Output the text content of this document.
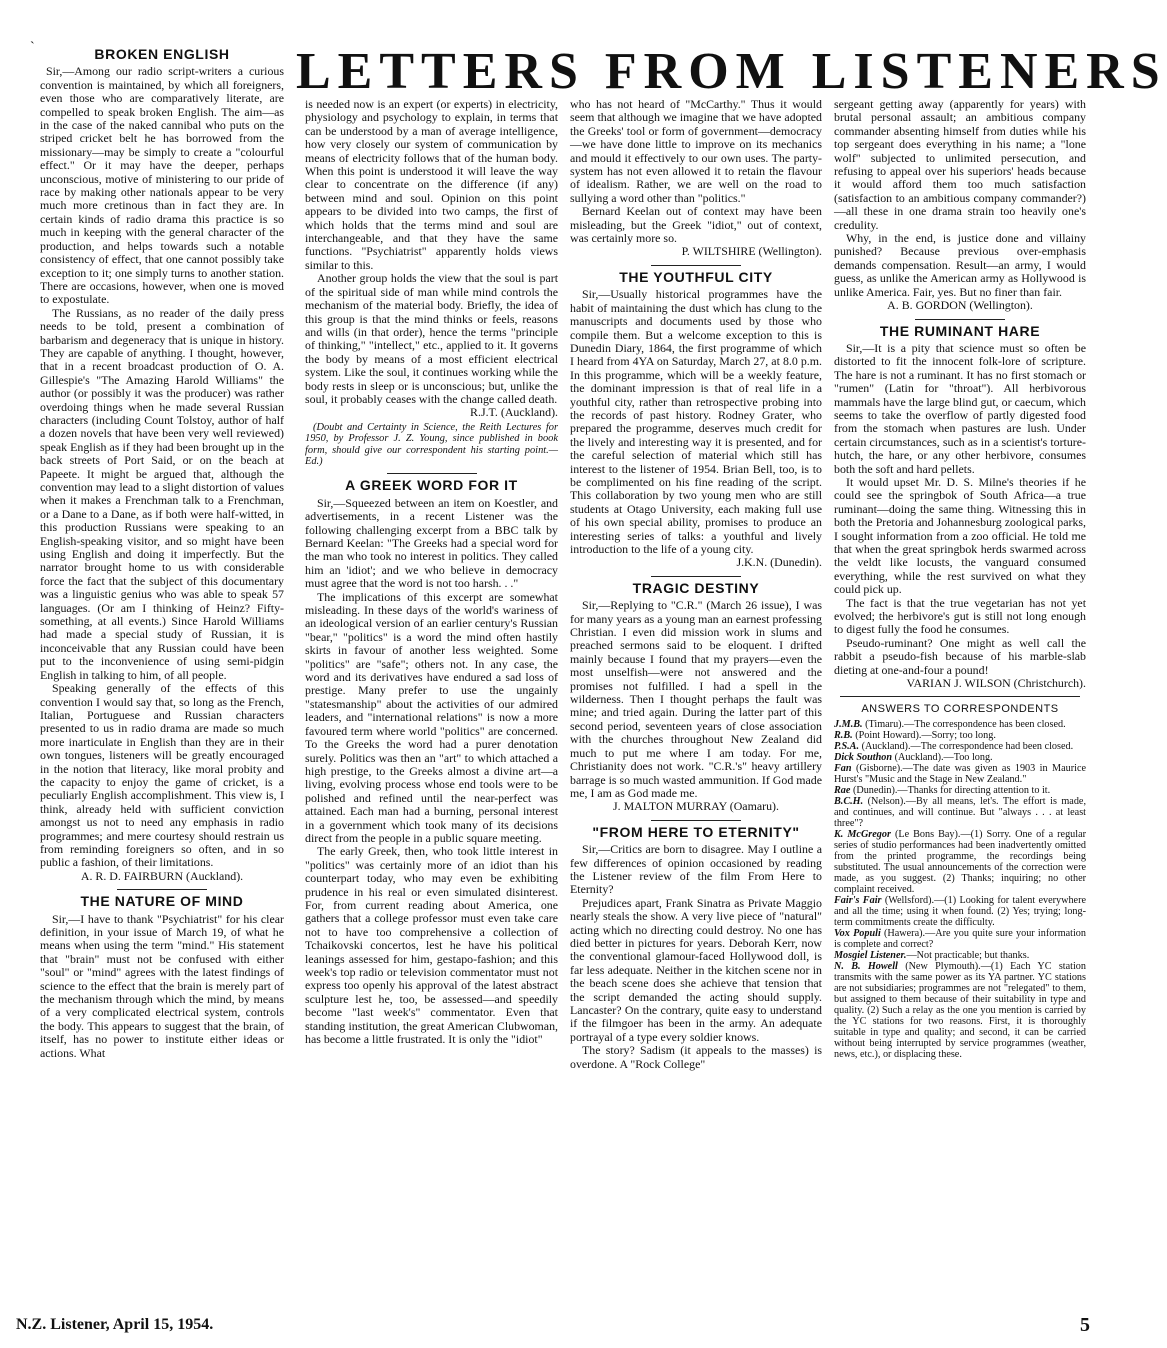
`	BROKEN ENGLISH

Sir,—Among our radio script-writers a curious convention is maintained, by which all foreigners, even those who are comparatively literate, are compelled to speak broken English. The aim—as in the case of the naked cannibal who puts on the striped cricket belt he has borrowed from the missionary—may be simply to create a "colourful effect." Or it may have the deeper, perhaps unconscious, motive of ministering to our pride of race by making other nationals appear to be very much more cretinous than in fact they are. In certain kinds of radio drama this practice is so much in keeping with the general character of the production, and helps towards such a notable consistency of effect, that one cannot possibly take exception to it; one simply turns to another station. There are occasions, however, when one is moved to expostulate.

The Russians, as no reader of the daily press needs to be told, present a combination of barbarism and degeneracy that is unique in history. They are capable of anything. I thought, however, that in a recent broadcast production of O. A. Gillespie's "The Amazing Harold Williams" the author (or possibly it was the producer) was rather overdoing things when he made several Russian characters (including Count Tolstoy, author of half a dozen novels that have been very well reviewed) speak English as if they had been brought up in the back streets of Port Said, or on the beach at Papeete. It might be argued that, although the convention may lead to a slight distortion of values when it makes a Frenchman talk to a Frenchman, or a Dane to a Dane, as if both were half-witted, in this production Russians were speaking to an English-speaking visitor, and so might have been using English and doing it imperfectly. But the narrator brought home to us with considerable force the fact that the subject of this documentary was a linguistic genius who was able to speak 57 languages. (Or am I thinking of Heinz? Fifty-something, at all events.) Since Harold Williams had made a special study of Russian, it is inconceivable that any Russian could have been put to the inconvenience of using semi-pidgin English in talking to him, of all people.

Speaking generally of the effects of this convention I would say that, so long as the French, Italian, Portuguese and Russian characters presented to us in radio drama are made so much more inarticulate in English than they are in their own tongues, listeners will be greatly encouraged in the notion that literacy, like moral probity and the capacity to enjoy the game of cricket, is a peculiarly English accomplishment. This view is, I think, already held with sufficient conviction amongst us not to need any emphasis in radio programmes; and mere courtesy should restrain us from reminding foreigners so often, and in so public a fashion, of their limitations.

A. R. D. FAIRBURN (Auckland).

THE NATURE OF MIND

Sir,—I have to thank "Psychiatrist" for his clear definition, in your issue of March 19, of what he means when using the term "mind." His statement that "brain" must not be confused with either "soul" or "mind" agrees with the latest findings of science to the effect that the brain is merely part of the mechanism through which the mind, by means of a very complicated electrical system, controls the body. This appears to suggest that the brain, of itself, has no power to institute either ideas or actions. What

LETTERS FROM LISTENERS

is needed now is an expert (or experts) in electricity, physiology and psychology to explain, in terms that can be understood by a man of average intelligence, how very closely our system of communication by means of electricity follows that of the human body. When this point is understood it will leave the way clear to concentrate on the difference (if any) between mind and soul. Opinion on this point appears to be divided into two camps, the first of which holds that the terms mind and soul are interchangeable, and that they have the same functions. "Psychiatrist" apparently holds views similar to this.

Another group holds the view that the soul is part of the spiritual side of man while mind controls the mechanism of the material body. Briefly, the idea of this group is that the mind thinks or feels, reasons and wills (in that order), hence the terms "principle of thinking," "intellect," etc., applied to it. It governs the body by means of a most efficient electrical system. Like the soul, it continues working while the body rests in sleep or is unconscious; but, unlike the soul, it probably ceases with the change called death.

R.J.T. (Auckland).

(Doubt and Certainty in Science, the Reith Lectures for 1950, by Professor J. Z. Young, since published in book form, should give our correspondent his starting point.—Ed.)

A GREEK WORD FOR IT

Sir,—Squeezed between an item on Koestler, and advertisements, in a recent Listener was the following challenging excerpt from a BBC talk by Bernard Keelan: "The Greeks had a special word for the man who took no interest in politics. They called him an 'idiot'; and we who believe in democracy must agree that the word is not too harsh. . ."

The implications of this excerpt are somewhat misleading. In these days of the world's wariness of an ideological version of an earlier century's Russian "bear," "politics" is a word the mind often hastily skirts in favour of another less weighted. Some "politics" are "safe"; others not. In any case, the word and its derivatives have endured a sad loss of prestige. Many prefer to use the ungainly "statesmanship" about the activities of our admired leaders, and "international relations" is now a more favoured term where world "politics" are concerned. To the Greeks the word had a purer denotation surely. Politics was then an "art" to which attached a high prestige, to the Greeks almost a divine art—a living, evolving process whose end tools were to be polished and refined until the near-perfect was attained. Each man had a burning, personal interest in a government which took many of its decisions direct from the people in a public square meeting.

The early Greek, then, who took little interest in "politics" was certainly more of an idiot than his counterpart today, who may even be exhibiting prudence in his real or even simulated disinterest. For, from current reading about America, one gathers that a college professor must even take care not to have too comprehensive a collection of Tchaikovski concertos, lest he have his political leanings assessed for him, gestapo-fashion; and this week's top radio or television commentator must not express too openly his approval of the latest abstract sculpture lest he, too, be assessed—and speedily become "last week's" commentator. Even that standing institution, the great American Clubwoman, has become a little frustrated. It is only the "idiot"

who has not heard of "McCarthy." Thus it would seem that although we imagine that we have adopted the Greeks' tool or form of government—democracy—we have done little to improve on its mechanics and mould it effectively to our own uses. The party-system has not even allowed it to retain the flavour of idealism. Rather, we are well on the road to sullying a word other than "politics."

Bernard Keelan out of context may have been misleading, but the Greek "idiot," out of context, was certainly more so.

P. WILTSHIRE (Wellington).

THE YOUTHFUL CITY

Sir,—Usually historical programmes have the habit of maintaining the dust which has clung to the manuscripts and documents used by those who compile them. But a welcome exception to this is Dunedin Diary, 1864, the first programme of which I heard from 4YA on Saturday, March 27, at 8.0 p.m. In this programme, which will be a weekly feature, the dominant impression is that of real life in a youthful city, rather than retrospective probing into the records of past history. Rodney Grater, who prepared the programme, deserves much credit for the lively and interesting way it is presented, and for the careful selection of material which still has interest to the listener of 1954. Brian Bell, too, is to be complimented on his fine reading of the script. This collaboration by two young men who are still students at Otago University, each making full use of his own special ability, promises to produce an interesting series of talks: a youthful and lively introduction to the life of a young city.

J.K.N. (Dunedin).

TRAGIC DESTINY

Sir,—Replying to "C.R." (March 26 issue), I was for many years as a young man an earnest professing Christian. I even did mission work in slums and preached sermons said to be eloquent. I drifted mainly because I found that my prayers—even the most unselfish—were not answered and the promises not fulfilled. I had a spell in the wilderness. Then I thought perhaps the fault was mine; and tried again. During the latter part of this second period, seventeen years of close association with the churches throughout New Zealand did much to put me where I am today. For me, Christianity does not work. "C.R.'s" heavy artillery barrage is so much wasted ammunition. If God made me, I am as God made me.

J. MALTON MURRAY (Oamaru).

"FROM HERE TO ETERNITY"

Sir,—Critics are born to disagree. May I outline a few differences of opinion occasioned by reading the Listener review of the film From Here to Eternity?

Prejudices apart, Frank Sinatra as Private Maggio nearly steals the show. A very live piece of "natural" acting which no directing could destroy. No one has died better in pictures for years. Deborah Kerr, now the conventional glamour-faced Hollywood doll, is far less adequate. Neither in the kitchen scene nor in the beach scene does she achieve that tension that the script demanded the acting should supply. Lancaster? On the contrary, quite easy to understand if the filmgoer has been in the army. An adequate portrayal of a type every soldier knows.

The story? Sadism (it appeals to the masses) is overdone. A "Rock College"

sergeant getting away (apparently for years) with brutal personal assault; an ambitious company commander absenting himself from duties while his top sergeant does everything in his name; a "lone wolf" subjected to unlimited persecution, and refusing to appeal over his superiors' heads because it would afford them too much satisfaction (satisfaction to an ambitious company commander?) —all these in one drama strain too heavily one's credulity.

Why, in the end, is justice done and villainy punished? Because previous over-emphasis demands compensation. Result—an army, I would guess, as unlike the American army as Hollywood is unlike America. Fair, yes. But no finer than fair.

A. B. GORDON (Wellington).

THE RUMINANT HARE

Sir,—It is a pity that science must so often be distorted to fit the innocent folk-lore of scripture. The hare is not a ruminant. It has no first stomach or "rumen" (Latin for "throat"). All herbivorous mammals have the large blind gut, or caecum, which seems to take the overflow of partly digested food from the stomach when pastures are lush. Under certain circumstances, such as in a scientist's torture-hutch, the hare, or any other herbivore, consumes both the soft and hard pellets.

It would upset Mr. D. S. Milne's theories if he could see the springbok of South Africa—a true ruminant—doing the same thing. Witnessing this in both the Pretoria and Johannesburg zoological parks, I sought information from a zoo official. He told me that when the great springbok herds swarmed across the veldt like locusts, the vanguard consumed everything, while the rest survived on what they could pick up.

The fact is that the true vegetarian has not yet evolved; the herbivore's gut is still not long enough to digest fully the food he consumes.

Pseudo-ruminant? One might as well call the rabbit a pseudo-fish because of his marble-slab dieting at one-and-four a pound!

VARIAN J. WILSON (Christchurch).

ANSWERS TO CORRESPONDENTS

J.M.B. (Timaru).—The correspondence has been closed.

R.B. (Point Howard).—Sorry; too long.

P.S.A. (Auckland).—The correspondence had been closed.

Dick Southon (Auckland).—Too long.

Fan (Gisborne).—The date was given as 1903 in Maurice Hurst's "Music and the Stage in New Zealand."

Rae (Dunedin).—Thanks for directing attention to it.

B.C.H. (Nelson).—By all means, let's. The effort is made, and continues, and will continue. But "always . . . at least three"?

K. McGregor (Le Bons Bay).—(1) Sorry. One of a regular series of studio performances had been inadvertently omitted from the printed programme, the recordings being substituted. The usual announcements of the correction were made, as you suggest. (2) Thanks; inquiring; no other complaint received.

Fair's Fair (Wellsford).—(1) Looking for talent everywhere and all the time; using it when found. (2) Yes; trying; long-term commitments create the difficulty.

Vox Populi (Hawera).—Are you quite sure your information is complete and correct?

Mosgiel Listener.—Not practicable; but thanks.

N. B. Howell (New Plymouth).—(1) Each YC station transmits with the same power as its YA partner. YC stations are not subsidiaries; programmes are not "relegated" to them, but assigned to them because of their suitability in type and quality. (2) Such a relay as the one you mention is carried by the YC stations for two reasons. First, it is thoroughly suitable in type and quality; and second, it can be carried without being interrupted by service programmes (weather, news, etc.), or displacing these.

N.Z. Listener, April 15, 1954.	5
